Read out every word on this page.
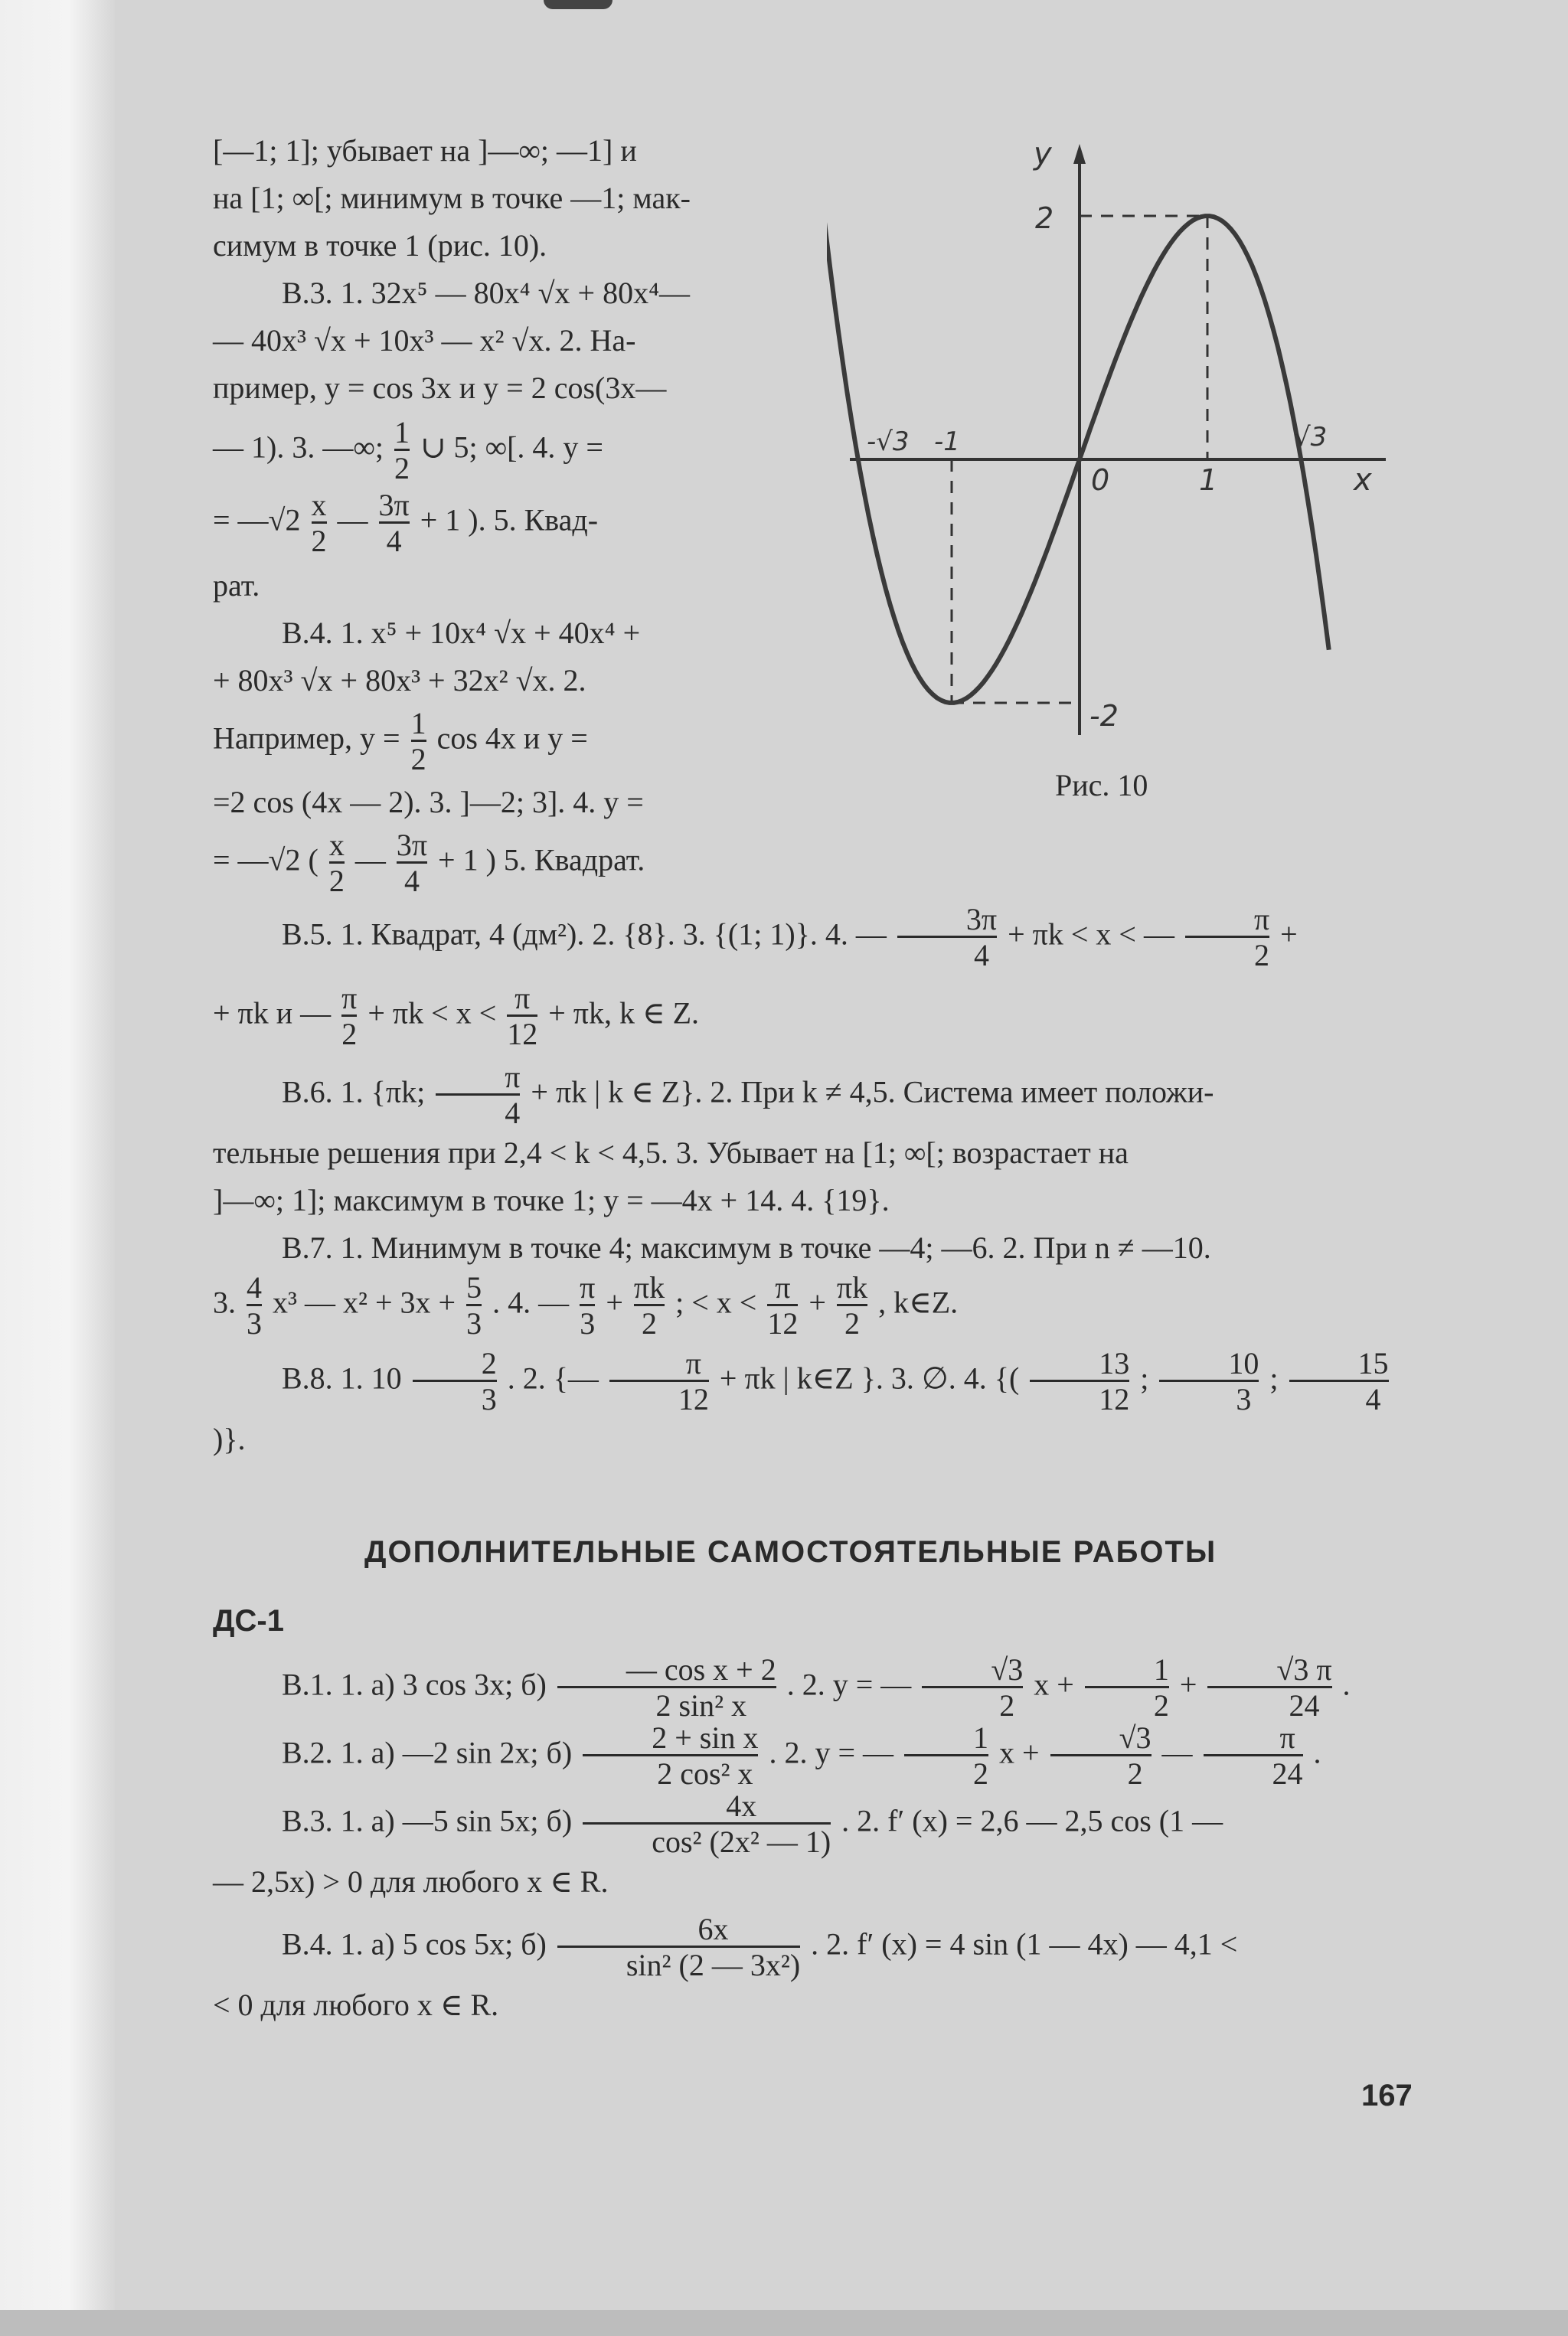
[—1; 1]; убывает на ]—∞; —1] и

на [1; ∞[; минимум в точке —1; мак-

симум в точке 1 (рис. 10).

В.3. 1. 32x⁵ — 80x⁴ √x + 80x⁴—

— 40x³ √x + 10x³ — x² √x. 2. На-

пример, y = cos 3x и y = 2 cos(3x—

— 1). 3. —∞; $\frac{1}{2}$ ∪ 5; ∞[. 4. y =

= —√2 $\frac{x}{2}$ — $\frac{3\pi}{4} + 1$ ). 5. Квад-

рат.

В.4. 1. x⁵ + 10x⁴ √x + 40x⁴ +

+ 80x³ √x + 80x³ + 32x² √x. 2.

Например, $y = \frac{1}{2}$ cos 4x и y =

=2 cos (4x — 2). 3. ]—2; 3]. 4. y =

= —√2 ( $\frac{x}{2}$ — $\frac{3\pi}{4} + 1$ ) 5. Квадрат.

y
2
-2
0	1
-1	√3
-√3
x
Рис. 10

В.5. 1. Квадрат, 4 (дм²). 2. {8}. 3. {(1; 1)}. 4. — $\frac{3\pi}{4} + \pi k < x$ < — $\frac{\pi}{2}$ +

+ πk и — $\frac{\pi}{2} + \pi k < x < \frac{\pi}{12} + \pi k$, k ∈ Z.

В.6. 1. {πk; $\frac{\pi}{4} + \pi k$ | k ∈ Z}. 2. При k ≠ 4,5. Система имеет положи-

тельные решения при 2,4 < k < 4,5. 3. Убывает на [1; ∞[; возрастает на

]—∞; 1]; максимум в точке 1; y = —4x + 14. 4. {19}.

В.7. 1. Минимум в точке 4; максимум в точке —4; —6. 2. При n ≠ —10.

3. $\frac{4}{3} x^3$ — $x^2 + 3x + \frac{5}{3}$ . 4. — $\frac{\pi}{3} + \frac{\pi k}{2}$ ; < $x < \frac{\pi}{12} + \frac{\pi k}{2}$ , k∈Z.

В.8. 1. $10 \frac{2}{3}$ . 2. {— $\frac{\pi}{12} + \pi k$ | k∈Z }. 3. ∅. 4. {( $\frac{13}{12}$ ; $\frac{10}{3}$ ; $\frac{15}{4}$
)}.

ДОПОЛНИТЕЛЬНЫЕ САМОСТОЯТЕЛЬНЫЕ РАБОТЫ
ДС-1

В.1. 1. а) 3 cos 3x; $б) \frac{\text{— cos x + 2}}{\text{2 sin² x}}$ . 2. y = — $\frac{√3}{2}$ $x + \frac{1}{2} + \frac{√3 \pi}{24}$ .

В.2. 1. а) —2 sin 2x; $б) \frac{\text{2 + sin x}}{\text{2 cos² x}}$ . 2. y = — $\frac{1}{2}$ $x + \frac{√3}{2}$ — $\frac{\pi}{24}$ .

В.3. 1. а) —5 sin 5x; $б) \frac{4x}{\text{cos² (2x² — 1)}}$ . 2. f′ (x) = 2,6 — 2,5 cos (1 —

— 2,5x) > 0 для любого x ∈ R.

В.4. 1. а) 5 cos 5x; $б) \frac{6x}{\text{sin² (2 — 3x²)}}$ . 2. f′ (x) = 4 sin (1 — 4x) — 4,1 <

< 0 для любого x ∈ R.

167
